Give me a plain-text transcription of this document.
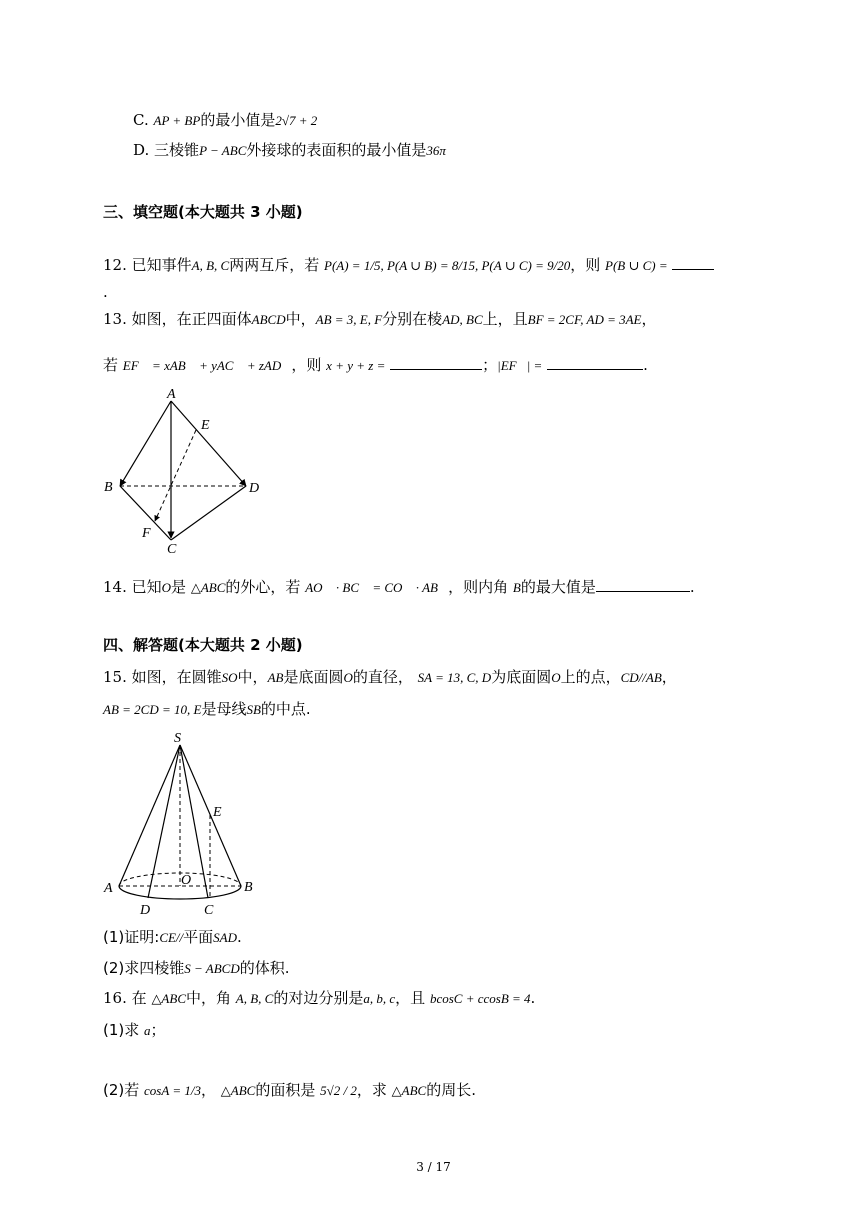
C. AP + BP的最小值是2√7 + 2
D. 三棱锥P − ABC外接球的表面积的最小值是36π
三、填空题(本大题共 3 小题)
12. 已知事件A, B, C两两互斥，若 P(A) = 1/5, P(A ∪ B) = 8/15, P(A ∪ C) = 9/20，则 P(B ∪ C) =
.
13. 如图，在正四面体ABCD中，AB = 3, E, F分别在棱AD, BC上，且BF = 2CF, AD = 3AE，
若 EF⃗ = xAB⃗ + yAC⃗ + zAD⃗，则 x + y + z =	；|EF⃗| =	.
A
E
B	D
F
C
14. 已知O是 △ABC的外心，若 AO⃗ · BC⃗ = CO⃗ · AB⃗，则内角 B的最大值是	.
四、解答题(本大题共 2 小题)
15. 如图，在圆锥SO中，AB是底面圆O的直径， SA = 13, C, D为底面圆O上的点，CD//AB，
AB = 2CD = 10, E是母线SB的中点.
S
E
O
A	B
D	C
(1)证明:CE//平面SAD.
(2)求四棱锥S − ABCD的体积.
16. 在 △ABC中，角 A, B, C的对边分别是a, b, c，且 bcosC + ccosB = 4.
(1)求 a；
(2)若 cosA = 1/3， △ABC的面积是 5√2 / 2，求 △ABC的周长.
3 / 17
